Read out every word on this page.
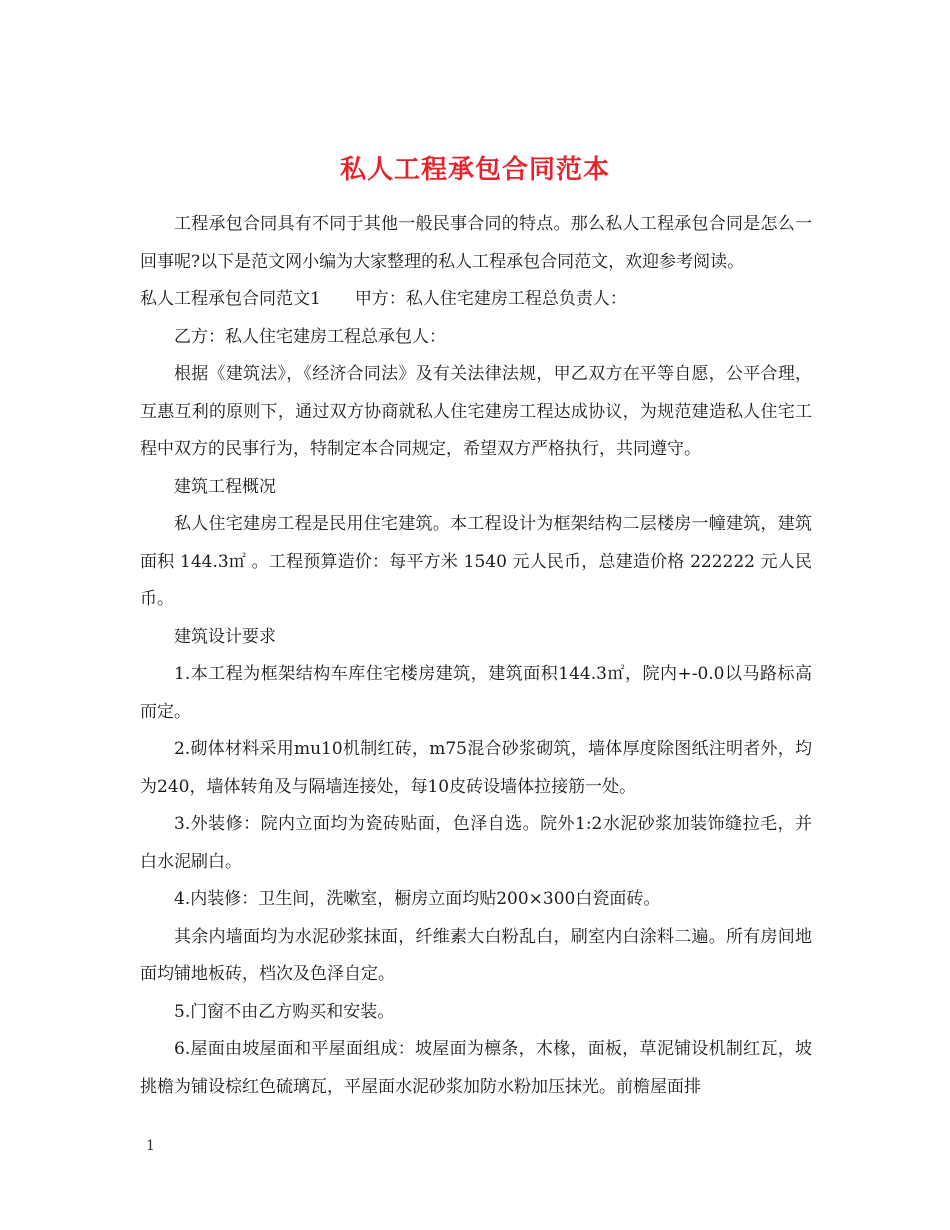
私人工程承包合同范本

工程承包合同具有不同于其他一般民事合同的特点。那么私人工程承包合同是怎么一回事呢?以下是范文网小编为大家整理的私人工程承包合同范文，欢迎参考阅读。

私人工程承包合同范文1 甲方：私人住宅建房工程总负责人：

乙方：私人住宅建房工程总承包人：

根据《建筑法》，《经济合同法》及有关法律法规，甲乙双方在平等自愿，公平合理，互惠互利的原则下，通过双方协商就私人住宅建房工程达成协议，为规范建造私人住宅工程中双方的民事行为，特制定本合同规定，希望双方严格执行，共同遵守。

建筑工程概况

私人住宅建房工程是民用住宅建筑。本工程设计为框架结构二层楼房一幢建筑，建筑面积 144.3㎡ 。工程预算造价：每平方米 1540 元人民币，总建造价格 222222 元人民币。

建筑设计要求

1.本工程为框架结构车库住宅楼房建筑，建筑面积144.3㎡，院内+-0.0以马路标高而定。

2.砌体材料采用mu10机制红砖，m75混合砂浆砌筑，墙体厚度除图纸注明者外，均为240，墙体转角及与隔墙连接处，每10皮砖设墙体拉接筋一处。

3.外装修：院内立面均为瓷砖贴面，色泽自选。院外1:2水泥砂浆加装饰缝拉毛，并白水泥刷白。

4.内装修：卫生间，洗嗽室，橱房立面均贴200×300白瓷面砖。

其余内墙面均为水泥砂浆抹面，纤维素大白粉乱白，刷室内白涂料二遍。所有房间地面均铺地板砖，档次及色泽自定。

5.门窗不由乙方购买和安装。

6.屋面由坡屋面和平屋面组成：坡屋面为檩条，木椽，面板，草泥铺设机制红瓦，坡挑檐为铺设棕红色硫璃瓦，平屋面水泥砂浆加防水粉加压抹光。前檐屋面排

1
